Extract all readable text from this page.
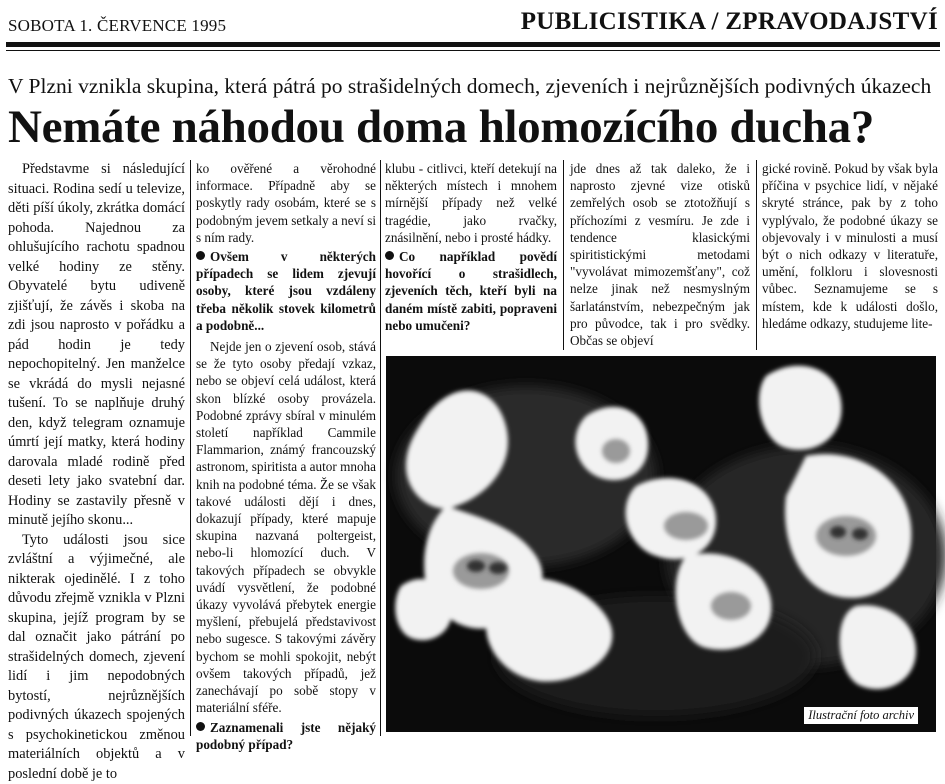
SOBOTA 1. ČERVENCE 1995	PUBLICISTIKA / ZPRAVODAJSTVÍ
V Plzni vznikla skupina, která pátrá po strašidelných domech, zjeveních i nejrůznějších podivných úkazech
Nemáte náhodou doma hlomozícího ducha?

Představme si následující situaci. Rodina sedí u televize, děti píší úkoly, zkrátka domácí pohoda. Najednou za ohlušujícího rachotu spadnou velké hodiny ze stěny. Obyvatelé bytu udiveně zjišťují, že závěs i skoba na zdi jsou naprosto v pořádku a pád hodin je tedy nepochopitelný. Jen manželce se vkrádá do mysli nejasné tušení. To se naplňuje druhý den, když telegram oznamuje úmrtí její matky, která hodiny darovala mladé rodině před deseti lety jako svatební dar. Hodiny se zastavily přesně v minutě jejího skonu...

Tyto události jsou sice zvláštní a výjimečné, ale nikterak ojedinělé. I z toho důvodu zřejmě vznikla v Plzni skupina, jejíž program by se dal označit jako pátrání po strašidelných domech, zjevení lidí i jim nepodobných bytostí, nejrůznějších podivných úkazech spojených s psychokinetickou změnou materiálních objektů a v poslední době je to

ko ověřené a věrohodné informace. Případně aby se poskytly rady osobám, které se s podobným jevem setkaly a neví si s ním rady.

Ovšem v některých případech se lidem zjevují osoby, které jsou vzdáleny třeba několik stovek kilometrů a podobně...

Nejde jen o zjevení osob, stává se že tyto osoby předají vzkaz, nebo se objeví celá událost, která skon blízké osoby provázela. Podobné zprávy sbíral v minulém století například Cammile Flammarion, známý francouzský astronom, spiritista a autor mnoha knih na podobné téma. Že se však takové události dějí i dnes, dokazují případy, které mapuje skupina nazvaná poltergeist, nebo-li hlomozící duch. V takových případech se obvykle uvádí vysvětlení, že podobné úkazy vyvolává přebytek energie myšlení, přebujelá představivost nebo sugesce. S takovými závěry bychom se mohli spokojit, nebýt ovšem takových případů, jež zanechávají po sobě stopy v materiální sféře.

Zaznamenali jste nějaký podobný případ?

klubu - citlivci, kteří detekují na některých místech i mnohem mírnější případy než velké tragédie, jako rvačky, znásilnění, nebo i prosté hádky.

Co například povědí hovořící o strašidlech, zjeveních těch, kteří byli na daném místě zabiti, popraveni nebo umučeni?

jde dnes až tak daleko, že i naprosto zjevné vize otisků zemřelých osob se ztotožňují s příchozími z vesmíru. Je zde i tendence klasickými spiritistickými metodami "vyvolávat mimozemšťany", což nelze jinak než nesmyslným šarlatánstvím, nebezpečným jak pro původce, tak i pro svědky. Občas se objeví

gické rovině. Pokud by však byla příčina v psychice lidí, v nějaké skryté stránce, pak by z toho vyplývalo, že podobné úkazy se objevovaly i v minulosti a musí být o nich odkazy v literatuře, umění, folkloru i slovesnosti vůbec. Seznamujeme se s místem, kde k události došlo, hledáme odkazy, studujeme lite-

Ilustrační foto archiv
